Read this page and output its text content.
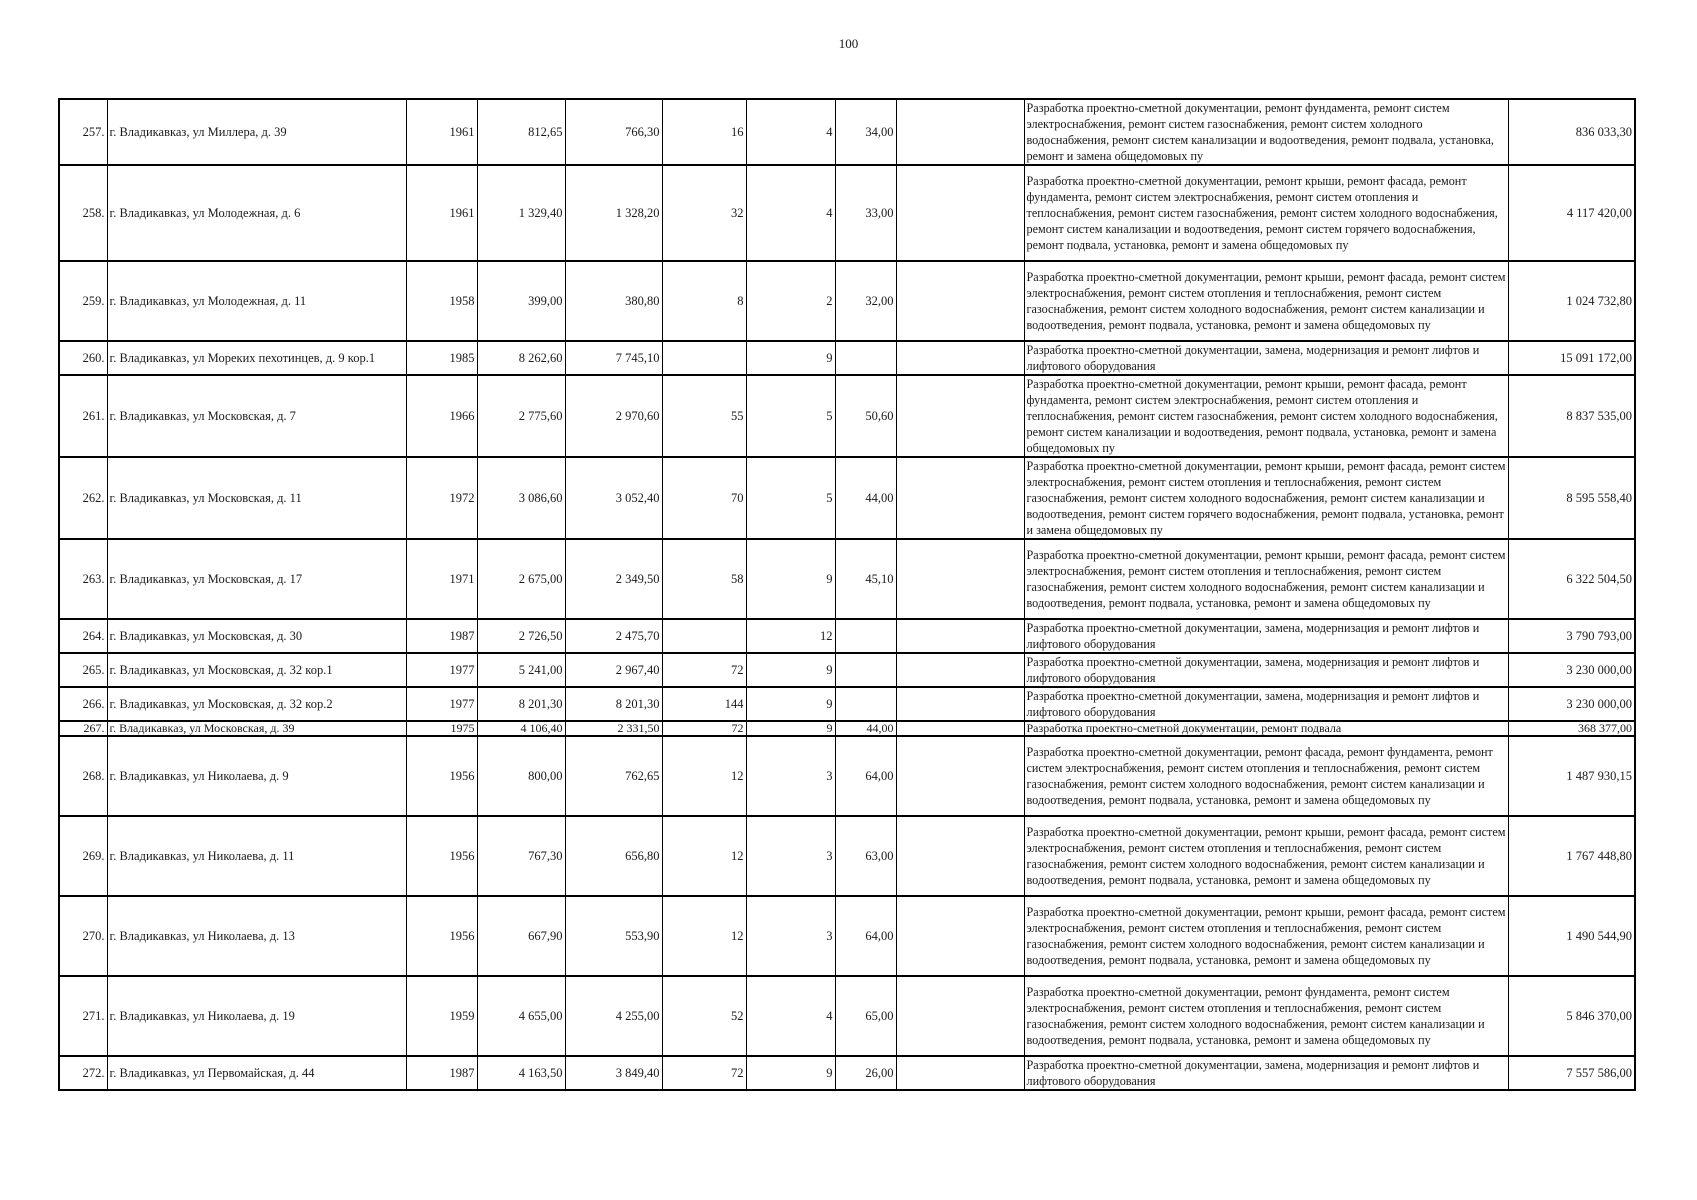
100
257.	г. Владикавказ, ул Миллера, д. 39	1961	812,65	766,30	16	4	34,00		Разработка проектно-сметной документации, ремонт фундамента, ремонт систем электроснабжения, ремонт систем газоснабжения, ремонт систем холодного водоснабжения, ремонт систем канализации и водоотведения, ремонт подвала, установка, ремонт и замена общедомовых пу	836 033,30
258.	г. Владикавказ, ул Молодежная, д. 6	1961	1 329,40	1 328,20	32	4	33,00		Разработка проектно-сметной документации, ремонт крыши, ремонт фасада, ремонт фундамента, ремонт систем электроснабжения, ремонт систем отопления и теплоснабжения, ремонт систем газоснабжения, ремонт систем холодного водоснабжения, ремонт систем канализации и водоотведения, ремонт систем горячего водоснабжения, ремонт подвала, установка, ремонт и замена общедомовых пу	4 117 420,00
259.	г. Владикавказ, ул Молодежная, д. 11	1958	399,00	380,80	8	2	32,00		Разработка проектно-сметной документации, ремонт крыши, ремонт фасада, ремонт систем электроснабжения, ремонт систем отопления и теплоснабжения, ремонт систем газоснабжения, ремонт систем холодного водоснабжения, ремонт систем канализации и водоотведения, ремонт подвала, установка, ремонт и замена общедомовых пу	1 024 732,80
260.	г. Владикавказ, ул Мореких пехотинцев, д. 9 кор.1	1985	8 262,60	7 745,10		9			Разработка проектно-сметной документации, замена, модернизация и ремонт лифтов и лифтового оборудования	15 091 172,00
261.	г. Владикавказ, ул Московская, д. 7	1966	2 775,60	2 970,60	55	5	50,60		Разработка проектно-сметной документации, ремонт крыши, ремонт фасада, ремонт фундамента, ремонт систем электроснабжения, ремонт систем отопления и теплоснабжения, ремонт систем газоснабжения, ремонт систем холодного водоснабжения, ремонт систем канализации и водоотведения, ремонт подвала, установка, ремонт и замена общедомовых пу	8 837 535,00
262.	г. Владикавказ, ул Московская, д. 11	1972	3 086,60	3 052,40	70	5	44,00		Разработка проектно-сметной документации, ремонт крыши, ремонт фасада, ремонт систем электроснабжения, ремонт систем отопления и теплоснабжения, ремонт систем газоснабжения, ремонт систем холодного водоснабжения, ремонт систем канализации и водоотведения, ремонт систем горячего водоснабжения, ремонт подвала, установка, ремонт и замена общедомовых пу	8 595 558,40
263.	г. Владикавказ, ул Московская, д. 17	1971	2 675,00	2 349,50	58	9	45,10		Разработка проектно-сметной документации, ремонт крыши, ремонт фасада, ремонт систем электроснабжения, ремонт систем отопления и теплоснабжения, ремонт систем газоснабжения, ремонт систем холодного водоснабжения, ремонт систем канализации и водоотведения, ремонт подвала, установка, ремонт и замена общедомовых пу	6 322 504,50
264.	г. Владикавказ, ул Московская, д. 30	1987	2 726,50	2 475,70		12			Разработка проектно-сметной документации, замена, модернизация и ремонт лифтов и лифтового оборудования	3 790 793,00
265.	г. Владикавказ, ул Московская, д. 32 кор.1	1977	5 241,00	2 967,40	72	9			Разработка проектно-сметной документации, замена, модернизация и ремонт лифтов и лифтового оборудования	3 230 000,00
266.	г. Владикавказ, ул Московская, д. 32 кор.2	1977	8 201,30	8 201,30	144	9			Разработка проектно-сметной документации, замена, модернизация и ремонт лифтов и лифтового оборудования	3 230 000,00
267.	г. Владикавказ, ул Московская, д. 39	1975	4 106,40	2 331,50	72	9	44,00		Разработка проектно-сметной документации, ремонт подвала	368 377,00
268.	г. Владикавказ, ул Николаева, д. 9	1956	800,00	762,65	12	3	64,00		Разработка проектно-сметной документации, ремонт фасада, ремонт фундамента, ремонт систем электроснабжения, ремонт систем отопления и теплоснабжения, ремонт систем газоснабжения, ремонт систем холодного водоснабжения, ремонт систем канализации и водоотведения, ремонт подвала, установка, ремонт и замена общедомовых пу	1 487 930,15
269.	г. Владикавказ, ул Николаева, д. 11	1956	767,30	656,80	12	3	63,00		Разработка проектно-сметной документации, ремонт крыши, ремонт фасада, ремонт систем электроснабжения, ремонт систем отопления и теплоснабжения, ремонт систем газоснабжения, ремонт систем холодного водоснабжения, ремонт систем канализации и водоотведения, ремонт подвала, установка, ремонт и замена общедомовых пу	1 767 448,80
270.	г. Владикавказ, ул Николаева, д. 13	1956	667,90	553,90	12	3	64,00		Разработка проектно-сметной документации, ремонт крыши, ремонт фасада, ремонт систем электроснабжения, ремонт систем отопления и теплоснабжения, ремонт систем газоснабжения, ремонт систем холодного водоснабжения, ремонт систем канализации и водоотведения, ремонт подвала, установка, ремонт и замена общедомовых пу	1 490 544,90
271.	г. Владикавказ, ул Николаева, д. 19	1959	4 655,00	4 255,00	52	4	65,00		Разработка проектно-сметной документации, ремонт фундамента, ремонт систем электроснабжения, ремонт систем отопления и теплоснабжения, ремонт систем газоснабжения, ремонт систем холодного водоснабжения, ремонт систем канализации и водоотведения, ремонт подвала, установка, ремонт и замена общедомовых пу	5 846 370,00
272.	г. Владикавказ, ул Первомайская, д. 44	1987	4 163,50	3 849,40	72	9	26,00		Разработка проектно-сметной документации, замена, модернизация и ремонт лифтов и лифтового оборудования	7 557 586,00
